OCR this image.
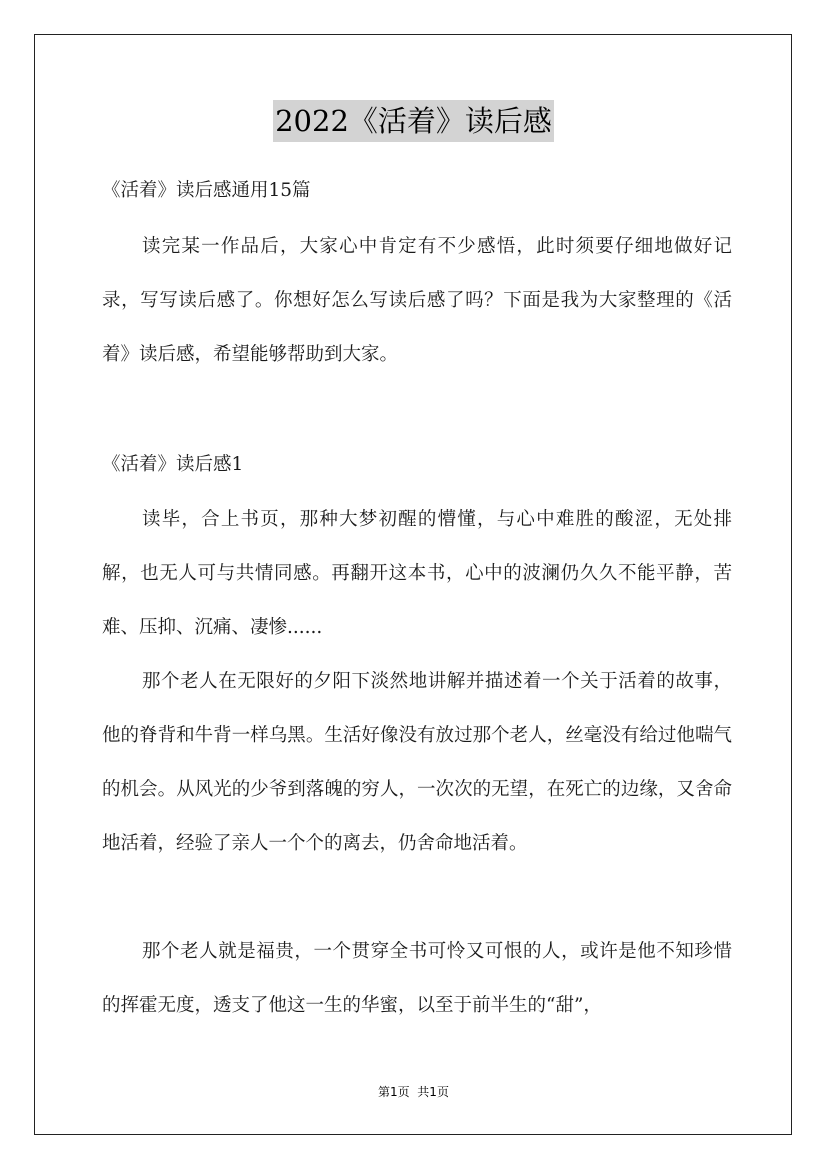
2022《活着》读后感

《活着》读后感通用15篇

读完某一作品后，大家心中肯定有不少感悟，此时须要仔细地做好记录，写写读后感了。你想好怎么写读后感了吗？下面是我为大家整理的《活着》读后感，希望能够帮助到大家。

《活着》读后感1

读毕，合上书页，那种大梦初醒的懵懂，与心中难胜的酸涩，无处排解，也无人可与共情同感。再翻开这本书，心中的波澜仍久久不能平静，苦难、压抑、沉痛、凄惨......

那个老人在无限好的夕阳下淡然地讲解并描述着一个关于活着的故事，他的脊背和牛背一样乌黑。生活好像没有放过那个老人，丝毫没有给过他喘气的机会。从风光的少爷到落魄的穷人，一次次的无望，在死亡的边缘，又舍命地活着，经验了亲人一个个的离去，仍舍命地活着。

那个老人就是福贵，一个贯穿全书可怜又可恨的人，或许是他不知珍惜的挥霍无度，透支了他这一生的华蜜，以至于前半生的“甜”，

第1页  共1页
